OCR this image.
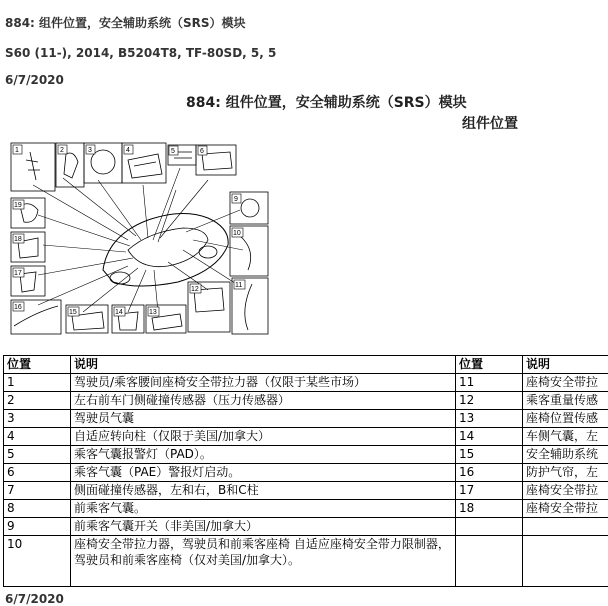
884: 组件位置，安全辅助系统（SRS）模块
S60 (11-), 2014, B5204T8, TF-80SD, 5, 5
6/7/2020
884: 组件位置，安全辅助系统（SRS）模块
组件位置
1	2	3	4	5	6
9
10
11
12
13
14
15
16
17
18
19
位置	说明	位置	说明
1	驾驶员/乘客腰间座椅安全带拉力器（仅限于某些市场）	11	座椅安全带拉
2	左右前车门侧碰撞传感器（压力传感器）	12	乘客重量传感
3	驾驶员气囊	13	座椅位置传感
4	自适应转向柱（仅限于美国/加拿大）	14	车侧气囊，左
5	乘客气囊报警灯（PAD）。	15	安全辅助系统
6	乘客气囊（PAE）警报灯启动。	16	防护气帘，左
7	侧面碰撞传感器，左和右，B和C柱	17	座椅安全带拉
8	前乘客气囊。	18	座椅安全带拉
9	前乘客气囊开关（非美国/加拿大）		
10	座椅安全带拉力器，驾驶员和前乘客座椅 自适应座椅安全带力限制器，驾驶员和前乘客座椅（仅对美国/加拿大）。		
6/7/2020
